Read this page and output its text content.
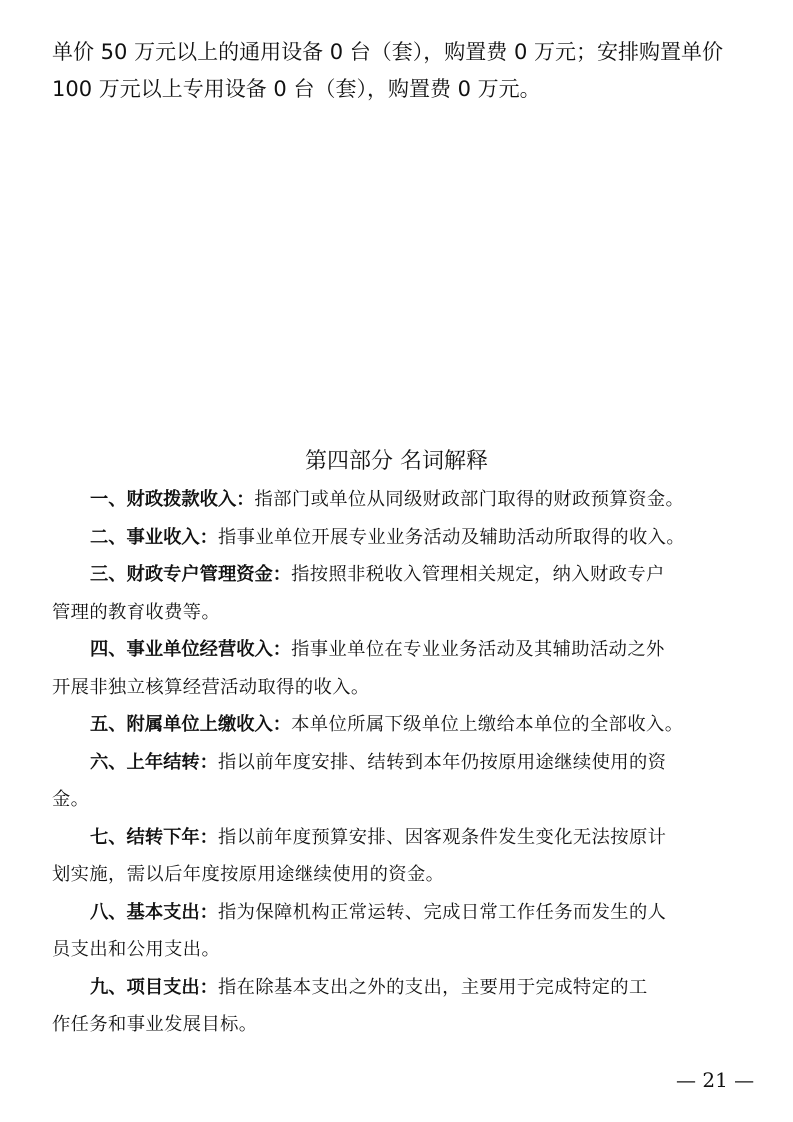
单价 50 万元以上的通用设备 0 台（套），购置费 0 万元；安排购置单价
100 万元以上专用设备 0 台（套），购置费 0 万元。

第四部分 名词解释

一、财政拨款收入：指部门或单位从同级财政部门取得的财政预算资金。

二、事业收入：指事业单位开展专业业务活动及辅助活动所取得的收入。

三、财政专户管理资金：指按照非税收入管理相关规定，纳入财政专户
管理的教育收费等。

四、事业单位经营收入：指事业单位在专业业务活动及其辅助活动之外
开展非独立核算经营活动取得的收入。

五、附属单位上缴收入：本单位所属下级单位上缴给本单位的全部收入。

六、上年结转：指以前年度安排、结转到本年仍按原用途继续使用的资
金。

七、结转下年：指以前年度预算安排、因客观条件发生变化无法按原计
划实施，需以后年度按原用途继续使用的资金。

八、基本支出：指为保障机构正常运转、完成日常工作任务而发生的人
员支出和公用支出。

九、项目支出：指在除基本支出之外的支出，主要用于完成特定的工
作任务和事业发展目标。

— 21 —
